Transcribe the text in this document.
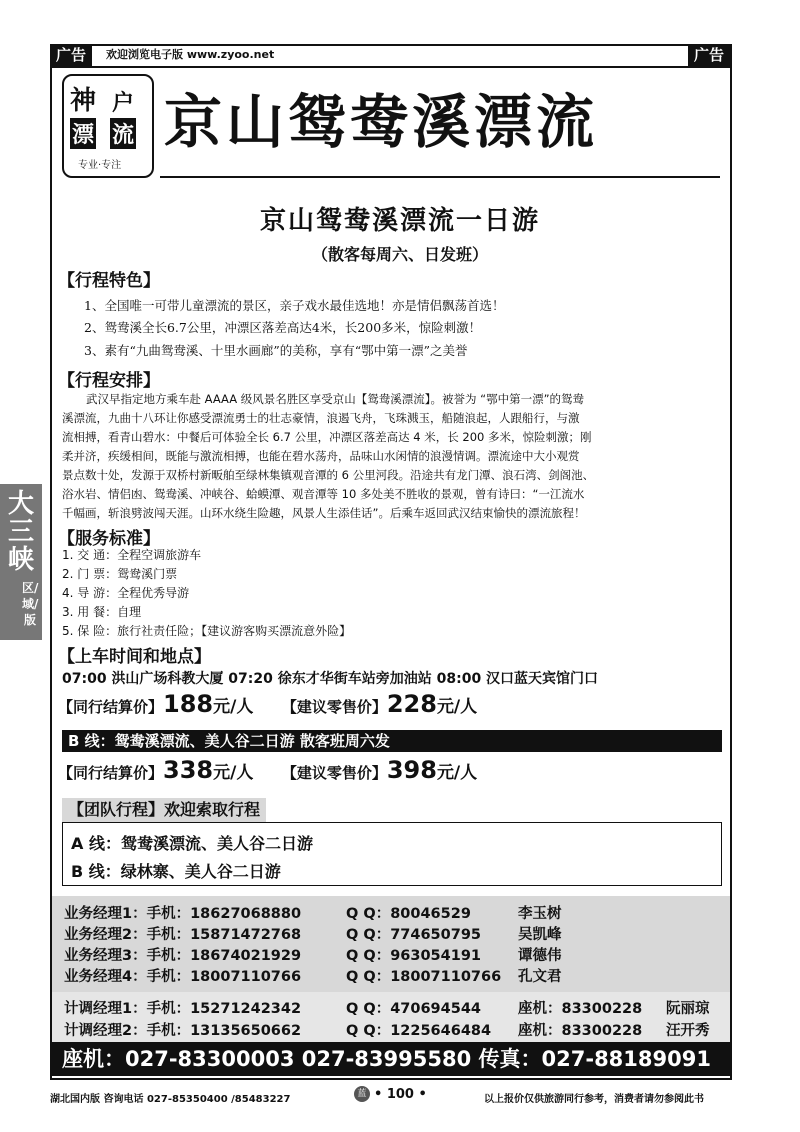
广告	欢迎浏览电子版 www.zyoo.net	广告
神 户
漂 流
专业·专注
京山鸳鸯溪漂流
京山鸳鸯溪漂流一日游
（散客每周六、日发班）
【行程特色】
1、全国唯一可带儿童漂流的景区，亲子戏水最佳选地！亦是情侣飘荡首选！
2、鸳鸯溪全长6.7公里，冲漂区落差高达4米，长200多米，惊险刺激！
3、素有“九曲鸳鸯溪、十里水画廊”的美称，享有“鄂中第一漂”之美誉
【行程安排】
武汉早指定地方乘车赴 AAAA 级风景名胜区享受京山【鸳鸯溪漂流】。被誉为 “鄂中第一漂”的鸳鸯
溪漂流，九曲十八环让你感受漂流勇士的壮志豪情，浪遏飞舟，飞珠溅玉，船随浪起，人跟船行，与激
流相搏，看青山碧水：中餐后可体验全长 6.7 公里，冲漂区落差高达 4 米，长 200 多米，惊险刺激；刚
柔并济，疾缓相间，既能与激流相搏，也能在碧水荡舟，品味山水闲情的浪漫情调。漂流途中大小观赏
景点数十处，发源于双桥村新畈舶至绿林集镇观音潭的 6 公里河段。沿途共有龙门潭、浪石湾、剑阁池、
浴水岩、情侣凼、鸳鸯溪、冲峡谷、蛤蟆潭、观音潭等 10 多处美不胜收的景观，曾有诗曰：“一江流水
千幅画，斩浪劈波闯天涯。山环水绕生险趣，风景人生添佳话”。后乘车返回武汉结束愉快的漂流旅程！
【服务标准】
1. 交 通：全程空调旅游车
2. 门 票：鸳鸯溪门票
4. 导 游：全程优秀导游
3. 用 餐：自理
5. 保 险：旅行社责任险；【建议游客购买漂流意外险】
【上车时间和地点】
07:00 洪山广场科教大厦 07:20 徐东才华街车站旁加油站 08:00 汉口蓝天宾馆门口
【同行结算价】188元/人 【建议零售价】228元/人
B 线：鸳鸯溪漂流、美人谷二日游 散客班周六发
【同行结算价】338元/人 【建议零售价】398元/人
【团队行程】欢迎索取行程
A 线：鸳鸯溪漂流、美人谷二日游
B 线：绿林寨、美人谷二日游
业务经理1：手机：18627068880	Q Q：80046529	李玉树
业务经理2：手机：15871472768	Q Q：774650795	吴凯峰
业务经理3：手机：18674021929	Q Q：963054191	谭德伟
业务经理4：手机：18007110766	Q Q：18007110766 孔文君
计调经理1：手机：15271242342	Q Q：470694544	座机：83300228 阮丽琼
计调经理2：手机：13135650662	Q Q：1225646484 座机：83300228 汪开秀
座机：027-83300003 027-83995580 传真：027-88189091
大三峡
区/域/版
湖北国内版 咨询电话 027-85350400 /85483227	蓝 • 100 •	以上报价仅供旅游同行参考，消费者请勿参阅此书
